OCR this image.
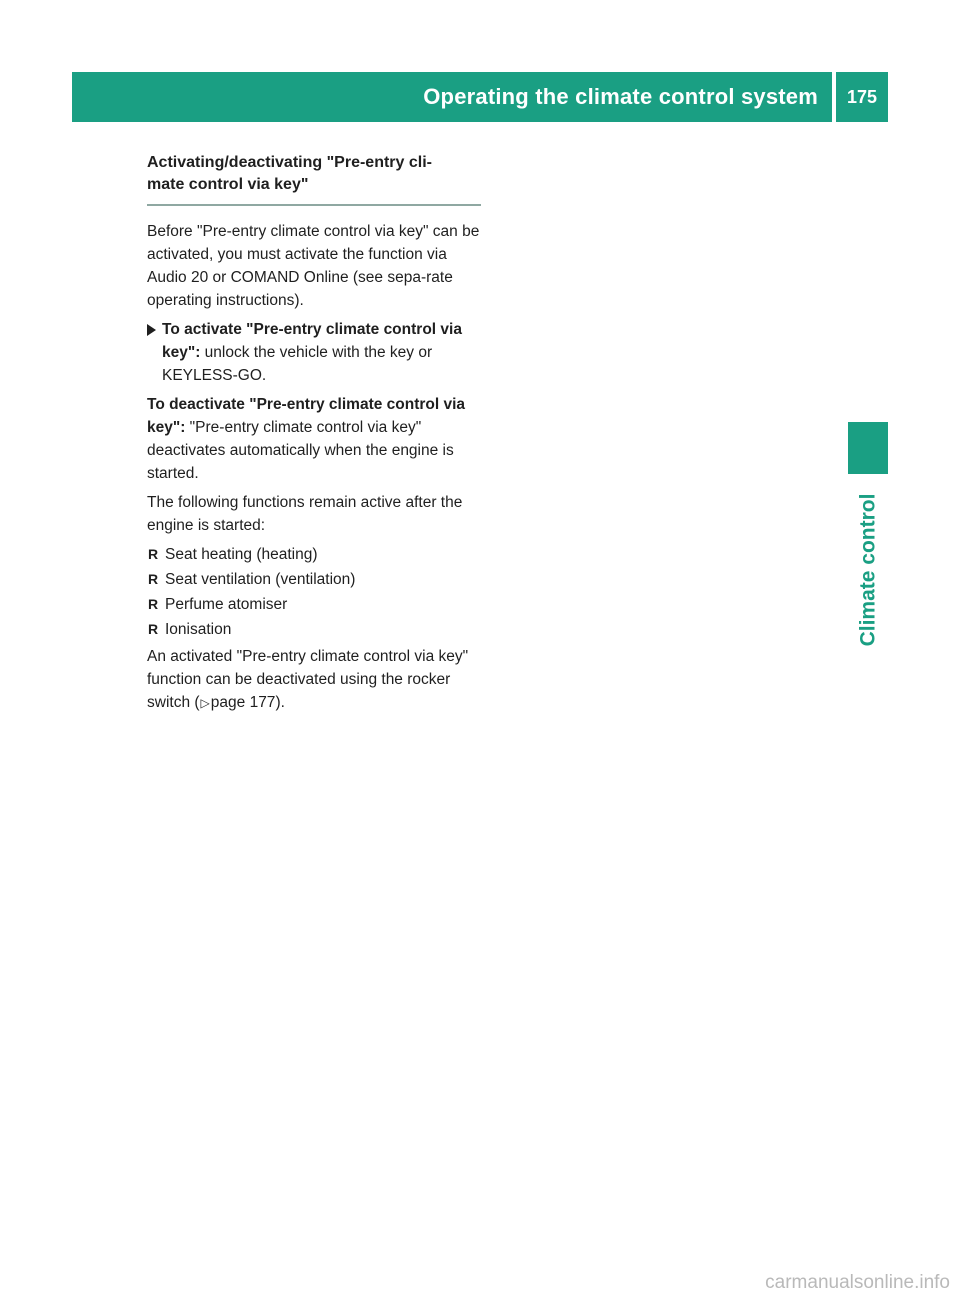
Operating the climate control system	175
Climate control
Activating/deactivating "Pre-entry cli-
mate control via key"

Before "Pre-entry climate control via key" can be activated, you must activate the function via Audio 20 or COMAND Online (see sepa-rate operating instructions).

To activate "Pre-entry climate control via key": unlock the vehicle with the key or KEYLESS-GO.

To deactivate "Pre-entry climate control via key": "Pre-entry climate control via key" deactivates automatically when the engine is started.

The following functions remain active after the engine is started:

R Seat heating (heating)
R Seat ventilation (ventilation)
R Perfume atomiser
R Ionisation

An activated "Pre-entry climate control via key" function can be deactivated using the rocker switch (▷page 177).

carmanualsonline.info
